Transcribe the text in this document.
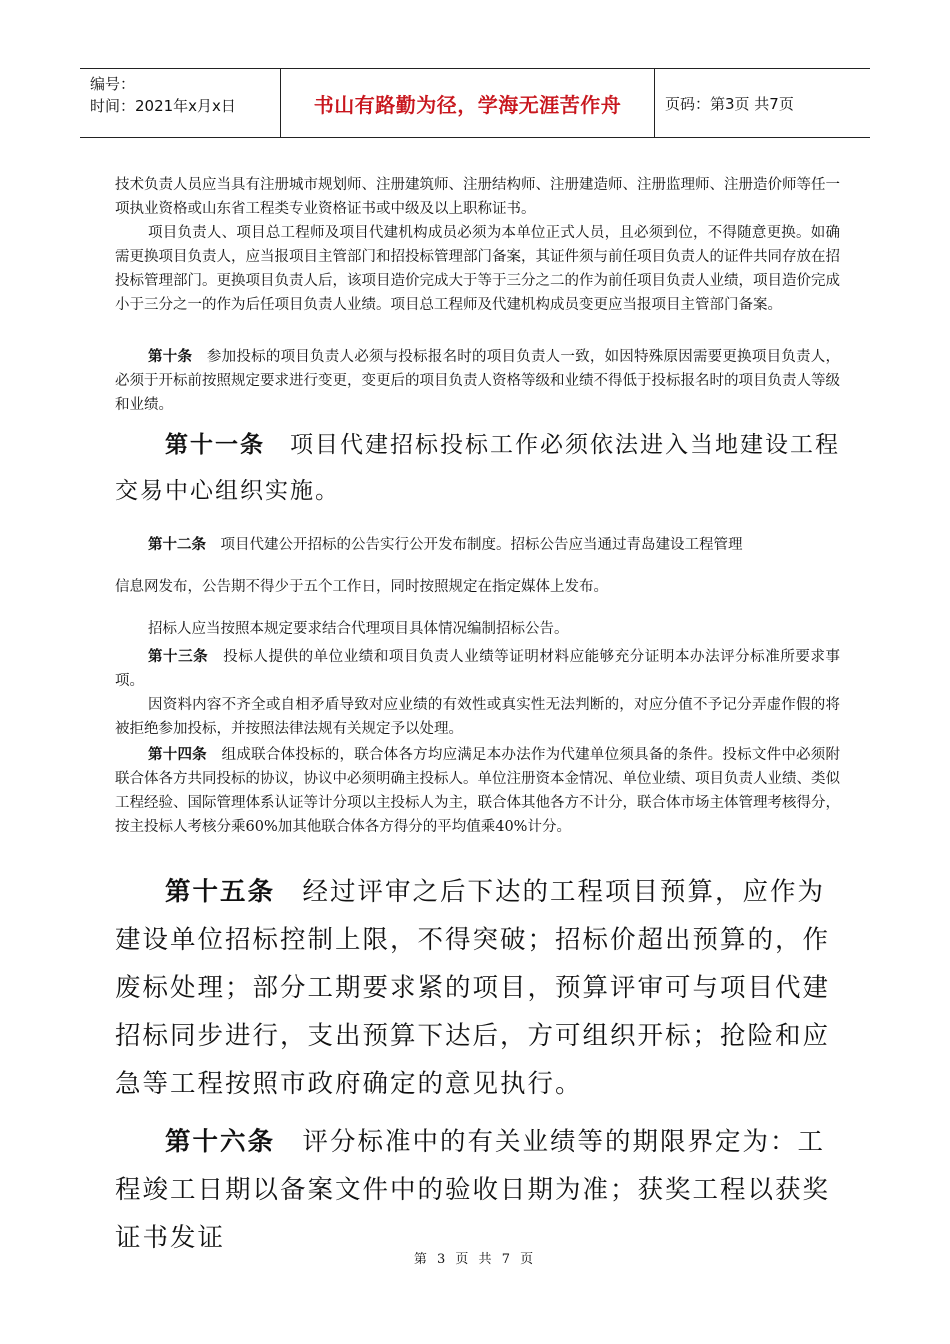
编号：
时间：2021年x月x日	书山有路勤为径，学海无涯苦作舟	页码：第3页 共7页

技术负责人员应当具有注册城市规划师、注册建筑师、注册结构师、注册建造师、注册监理师、注册造价师等任一项执业资格或山东省工程类专业资格证书或中级及以上职称证书。

项目负责人、项目总工程师及项目代建机构成员必须为本单位正式人员，且必须到位，不得随意更换。如确需更换项目负责人，应当报项目主管部门和招投标管理部门备案，其证件须与前任项目负责人的证件共同存放在招投标管理部门。更换项目负责人后，该项目造价完成大于等于三分之二的作为前任项目负责人业绩，项目造价完成小于三分之一的作为后任项目负责人业绩。项目总工程师及代建机构成员变更应当报项目主管部门备案。

第十条　 参加投标的项目负责人必须与投标报名时的项目负责人一致，如因特殊原因需要更换项目负责人，必须于开标前按照规定要求进行变更，变更后的项目负责人资格等级和业绩不得低于投标报名时的项目负责人等级和业绩。

第十一条　 项目代建招标投标工作必须依法进入当地建设工程交易中心组织实施。

第十二条　 项目代建公开招标的公告实行公开发布制度。招标公告应当通过青岛建设工程管理

信息网发布，公告期不得少于五个工作日，同时按照规定在指定媒体上发布。

招标人应当按照本规定要求结合代理项目具体情况编制招标公告。

第十三条　 投标人提供的单位业绩和项目负责人业绩等证明材料应能够充分证明本办法评分标准所要求事项。

因资料内容不齐全或自相矛盾导致对应业绩的有效性或真实性无法判断的，对应分值不予记分弄虚作假的将被拒绝参加投标，并按照法律法规有关规定予以处理。

第十四条　 组成联合体投标的，联合体各方均应满足本办法作为代建单位须具备的条件。投标文件中必须附联合体各方共同投标的协议，协议中必须明确主投标人。单位注册资本金情况、单位业绩、项目负责人业绩、类似工程经验、国际管理体系认证等计分项以主投标人为主，联合体其他各方不计分，联合体市场主体管理考核得分，按主投标人考核分乘60%加其他联合体各方得分的平均值乘40%计分。

第十五条　 经过评审之后下达的工程项目预算，应作为建设单位招标控制上限，不得突破；招标价超出预算的，作废标处理；部分工期要求紧的项目，预算评审可与项目代建招标同步进行，支出预算下达后，方可组织开标；抢险和应急等工程按照市政府确定的意见执行。

第十六条　 评分标准中的有关业绩等的期限界定为：工程竣工日期以备案文件中的验收日期为准；获奖工程以获奖证书发证

第 3 页 共 7 页
